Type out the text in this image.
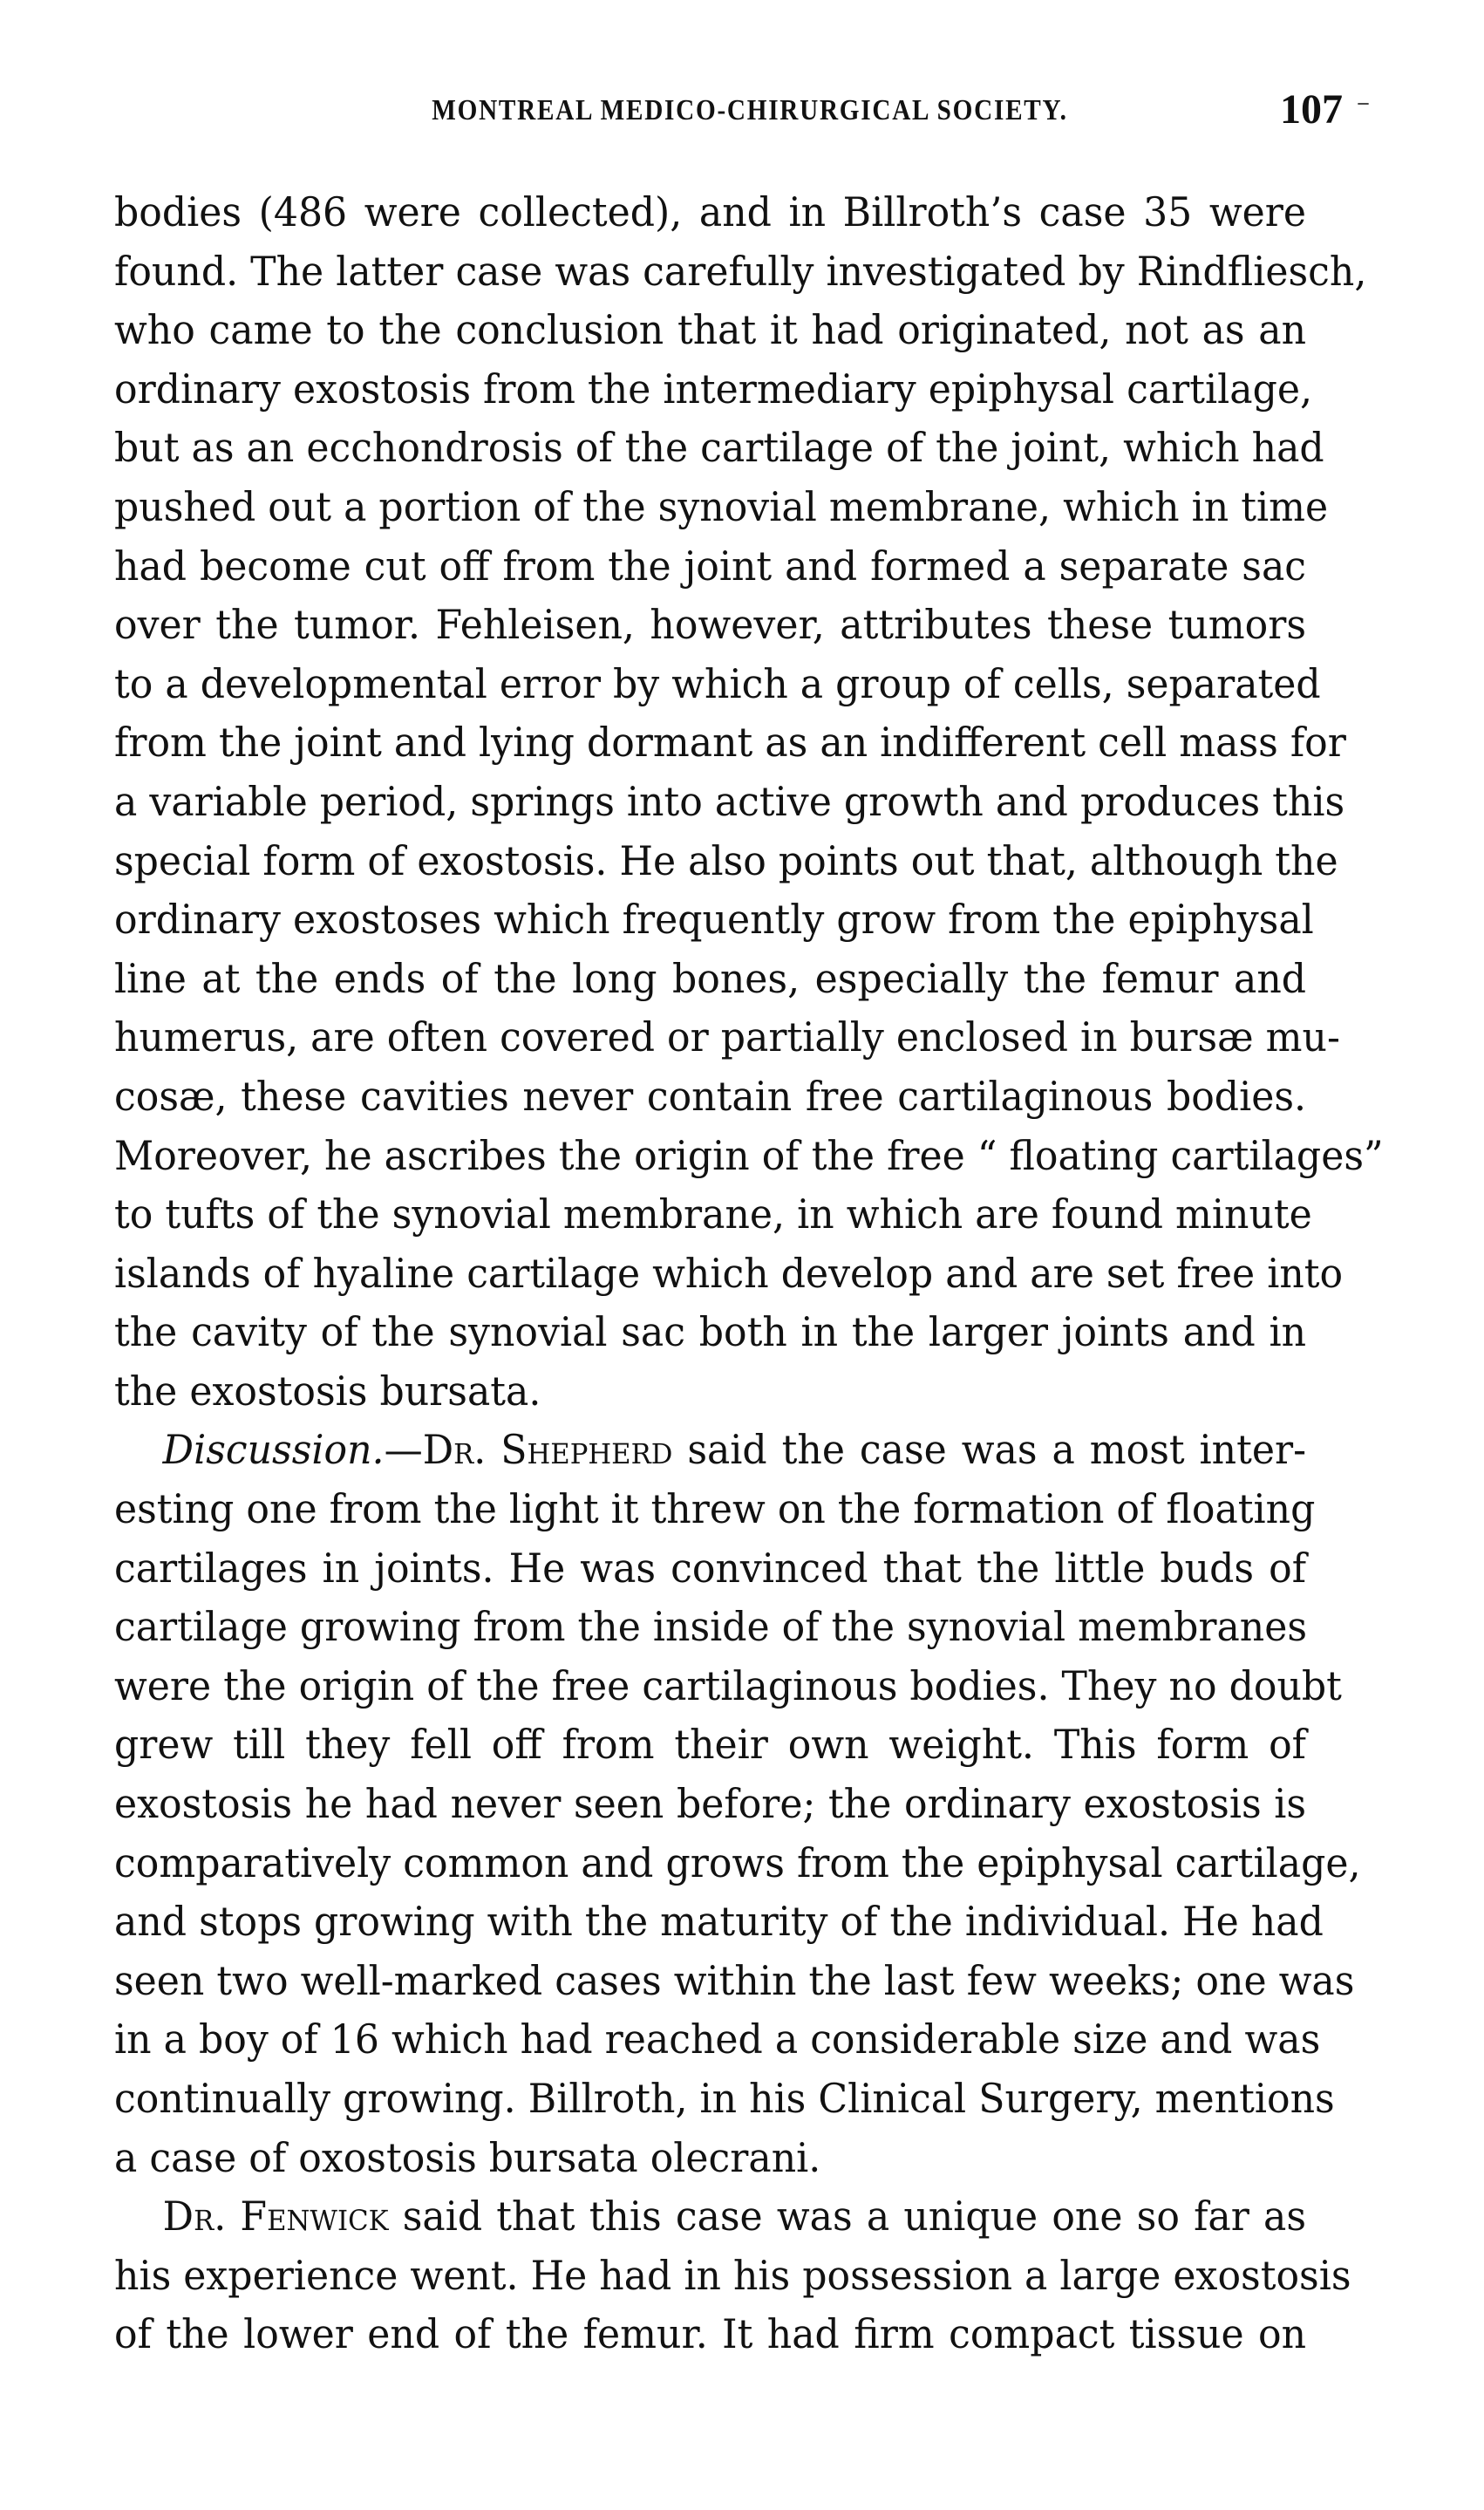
MONTREAL MEDICO-CHIRURGICAL SOCIETY.	107 –
bodies (486 were collected), and in Billroth’s case 35 were
found. The latter case was carefully investigated by Rindfliesch,
who came to the conclusion that it had originated, not as an
ordinary exostosis from the intermediary epiphysal cartilage,
but as an ecchondrosis of the cartilage of the joint, which had
pushed out a portion of the synovial membrane, which in time
had become cut off from the joint and formed a separate sac
over the tumor. Fehleisen, however, attributes these tumors
to a developmental error by which a group of cells, separated
from the joint and lying dormant as an indifferent cell mass for
a variable period, springs into active growth and produces this
special form of exostosis. He also points out that, although the
ordinary exostoses which frequently grow from the epiphysal
line at the ends of the long bones, especially the femur and
humerus, are often covered or partially enclosed in bursæ mu-
cosæ, these cavities never contain free cartilaginous bodies.
Moreover, he ascribes the origin of the free “ floating cartilages”
to tufts of the synovial membrane, in which are found minute
islands of hyaline cartilage which develop and are set free into
the cavity of the synovial sac both in the larger joints and in
the exostosis bursata.
Discussion.—Dr. Shepherd said the case was a most inter-
esting one from the light it threw on the formation of floating
cartilages in joints. He was convinced that the little buds of
cartilage growing from the inside of the synovial membranes
were the origin of the free cartilaginous bodies. They no doubt
grew till they fell off from their own weight. This form of
exostosis he had never seen before; the ordinary exostosis is
comparatively common and grows from the epiphysal cartilage,
and stops growing with the maturity of the individual. He had
seen two well-marked cases within the last few weeks; one was
in a boy of 16 which had reached a considerable size and was
continually growing. Billroth, in his Clinical Surgery, mentions
a case of oxostosis bursata olecrani.
Dr. Fenwick said that this case was a unique one so far as
his experience went. He had in his possession a large exostosis
of the lower end of the femur. It had firm compact tissue on
